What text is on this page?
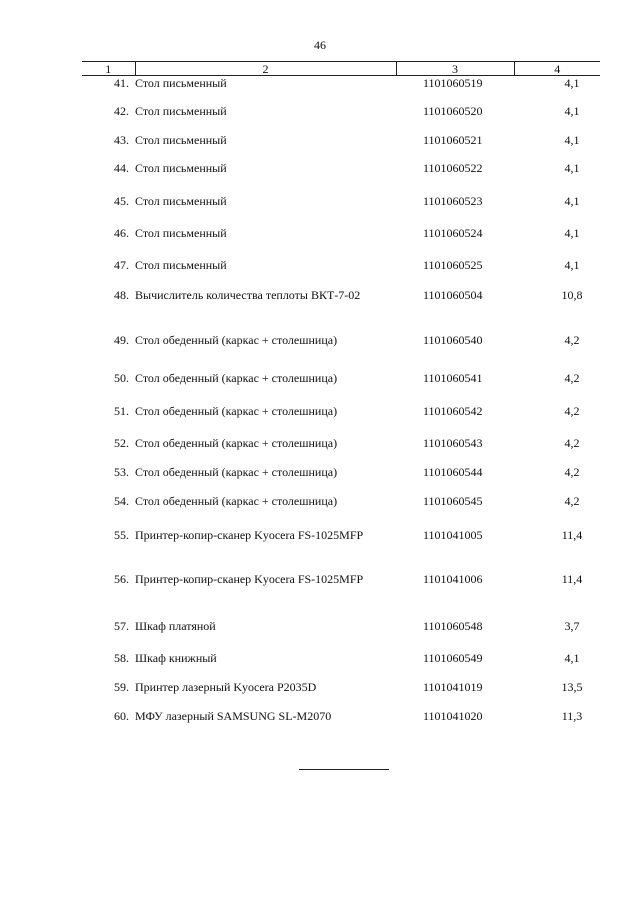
46
1	2	3	4
41.	Стол письменный	1101060519	4,1
42.	Стол письменный	1101060520	4,1
43.	Стол письменный	1101060521	4,1
44.	Стол письменный	1101060522	4,1
45.	Стол письменный	1101060523	4,1
46.	Стол письменный	1101060524	4,1
47.	Стол письменный	1101060525	4,1
48.	Вычислитель количества теплоты ВКТ-7-02	1101060504	10,8
49.	Стол обеденный (каркас + столешница)	1101060540	4,2
50.	Стол обеденный (каркас + столешница)	1101060541	4,2
51.	Стол обеденный (каркас + столешница)	1101060542	4,2
52.	Стол обеденный (каркас + столешница)	1101060543	4,2
53.	Стол обеденный (каркас + столешница)	1101060544	4,2
54.	Стол обеденный (каркас + столешница)	1101060545	4,2
55.	Принтер-копир-сканер Kyocera FS-1025MFP	1101041005	11,4
56.	Принтер-копир-сканер Kyocera FS-1025MFP	1101041006	11,4
57.	Шкаф платяной	1101060548	3,7
58.	Шкаф книжный	1101060549	4,1
59.	Принтер лазерный Kyocera P2035D	1101041019	13,5
60.	МФУ лазерный SAMSUNG SL-M2070	1101041020	11,3
